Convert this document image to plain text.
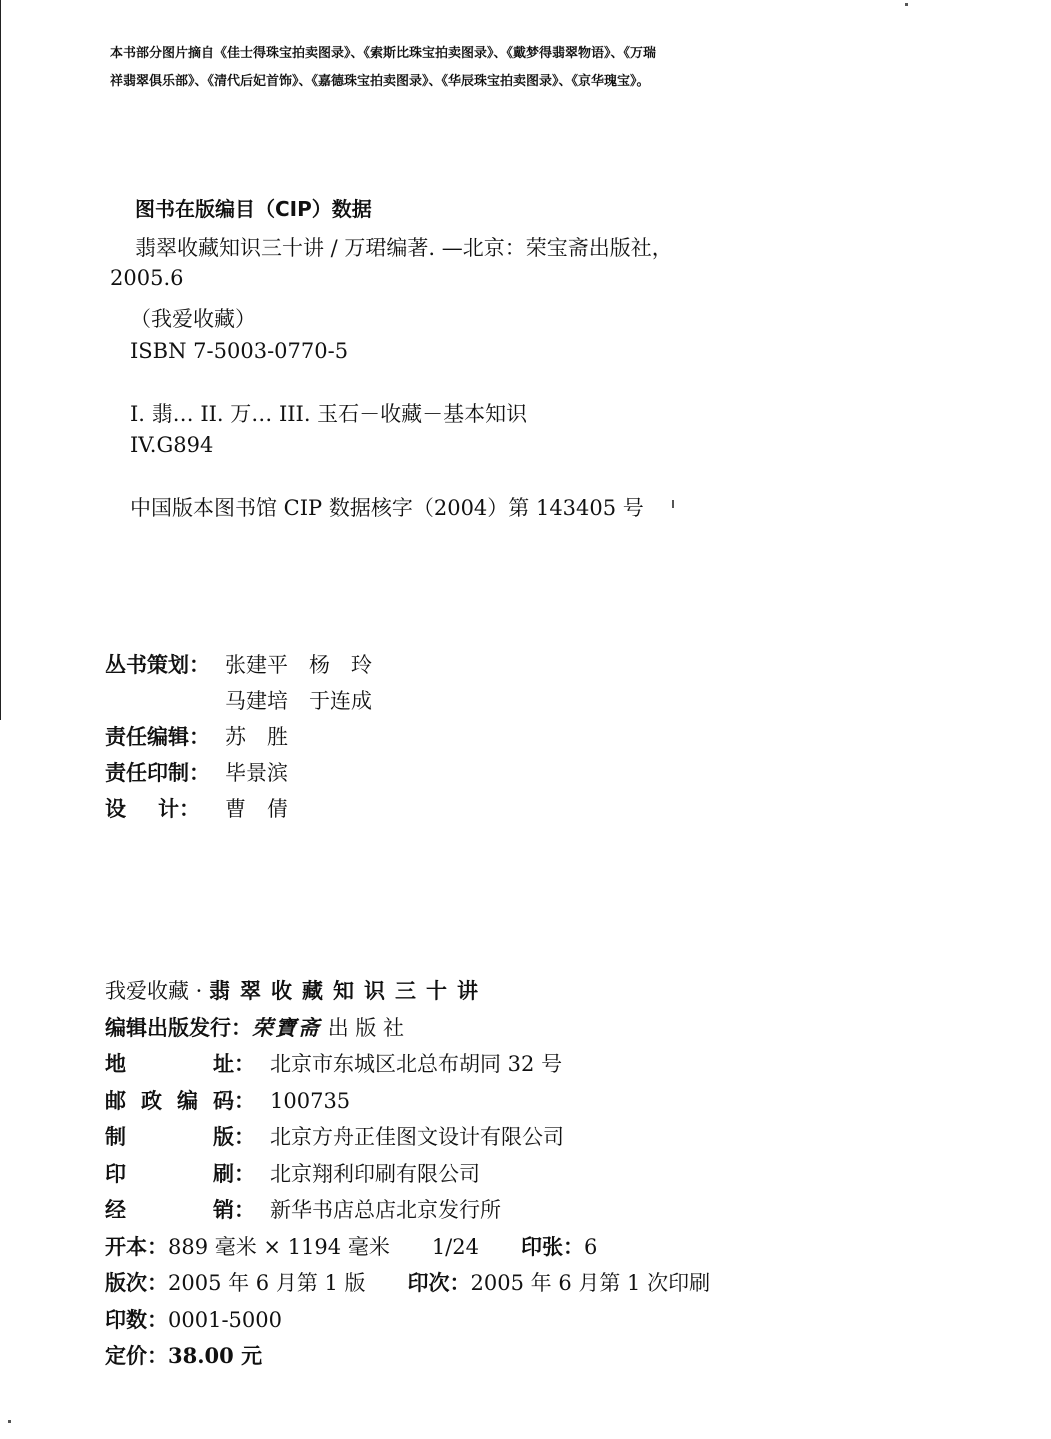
本书部分图片摘自《佳士得珠宝拍卖图录》、《索斯比珠宝拍卖图录》、《戴梦得翡翠物语》、《万瑞
祥翡翠俱乐部》、《清代后妃首饰》、《嘉德珠宝拍卖图录》、《华辰珠宝拍卖图录》、《京华瑰宝》。
图书在版编目（CIP）数据
翡翠收藏知识三十讲 / 万珺编著. —北京：荣宝斋出版社，
2005.6
（我爱收藏）
ISBN 7-5003-0770-5
I. 翡… II. 万… III. 玉石－收藏－基本知识
IV.G894
中国版本图书馆 CIP 数据核字（2004）第 143405 号
丛书策划： 张建平　杨　玲
马建培　于连成
责任编辑： 苏　胜
责任印制： 毕景滨
设 计： 曹　倩
我爱收藏 · 翡翠收藏知识三十讲
编辑出版发行：荣寶斋 出 版 社
地	址： 北京市东城区北总布胡同 32 号
邮 政 编 码： 100735
制	版： 北京方舟正佳图文设计有限公司
印	刷： 北京翔利印刷有限公司
经	销： 新华书店总店北京发行所
开本：889 毫米 × 1194 毫米　　1/24　　 印张：6
版次：2005 年 6 月第 1 版　　 印次：2005 年 6 月第 1 次印刷
印数：0001-5000
定价：38.00 元
